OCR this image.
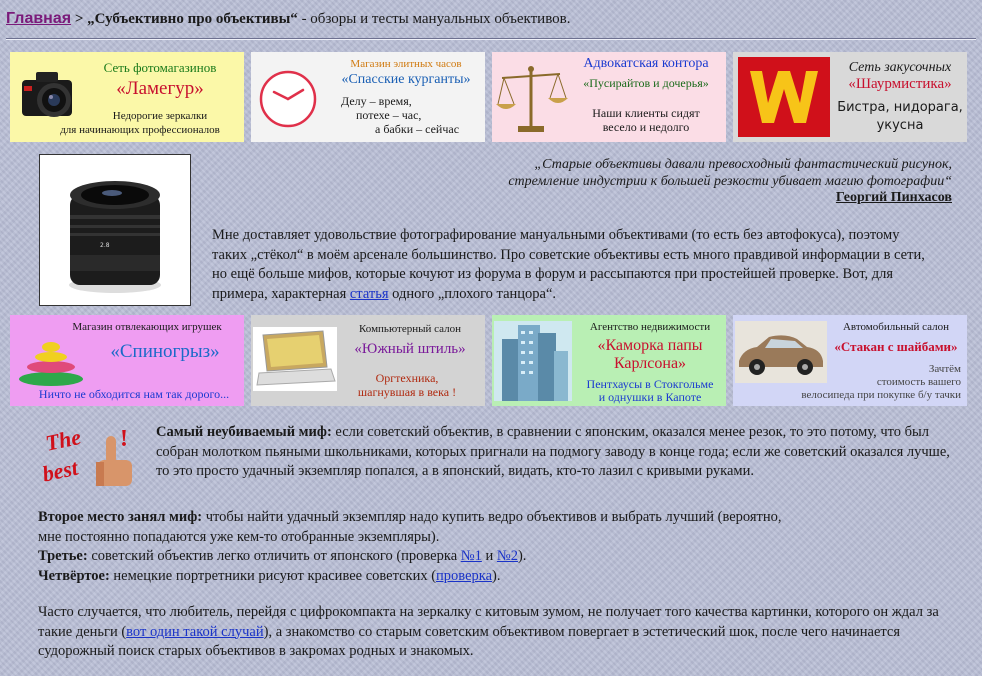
Главная > „Субъективно про объективы“ - обзоры и тесты мануальных объективов.
Сеть фотомагазинов
«Ламегур»
Недорогие зеркалки
для начинающих профессионалов
Магазин элитных часов
«Спасские курганты»
Делу – время,
потехе – час,
а бабки – сейчас
Адвокатская контора
«Пусирайтов и дочерья»
Наши клиенты сидят
весело и недолго
Сеть закусочных
«Шаурмистика»
Бистра, нидорага,
укусна
2.8
„Старые объективы давали превосходный фантастический рисунок,
стремление индустрии к большей резкости убивает магию фотографии“
Георгий Пинхасов
Мне доставляет удовольствие фотографирование мануальными объективами (то есть без автофокуса), поэтому таких „стёкол“ в моём арсенале большинство. Про советские объективы есть много правдивой информации в сети, но ещё больше мифов, которые кочуют из форума в форум и рассыпаются при простейшей проверке. Вот, для примера, характерная статья одного „плохого танцора“.
Магазин отвлекающих игрушек
«Спиногрыз»
Ничто не обходится нам так дорого...
Компьютерный салон
«Южный штиль»
Оргтехника,
шагнувшая в века !
Агентство недвижимости
«Каморка папы Карлсона»
Пентхаусы в Стокгольме
и однушки в Капоте
Автомобильный салон
«Стакан с шайбами»
Зачтём
стоимость вашего
велосипеда при покупке б/у тачки
The
best
! Самый неубиваемый миф: если советский объектив, в сравнении с японским, оказался менее резок, то это потому, что был собран молотком пьяными школьниками, которых пригнали на подмогу заводу в конце года; если же советский оказался лучше, то это просто удачный экземпляр попался, а в японский, видать, кто-то лазил с кривыми руками.
Второе место занял миф: чтобы найти удачный экземпляр надо купить ведро объективов и выбрать лучший (вероятно, мне постоянно попадаются уже кем-то отобранные экземпляры).
Третье: советский объектив легко отличить от японского (проверка №1 и №2).
Четвёртое: немецкие портретники рисуют красивее советских (проверка).
Часто случается, что любитель, перейдя с цифрокомпакта на зеркалку с китовым зумом, не получает того качества картинки, которого он ждал за такие деньги (вот один такой случай), а знакомство со старым советским объективом повергает в эстетический шок, после чего начинается судорожный поиск старых объективов в закромах родных и знакомых.
